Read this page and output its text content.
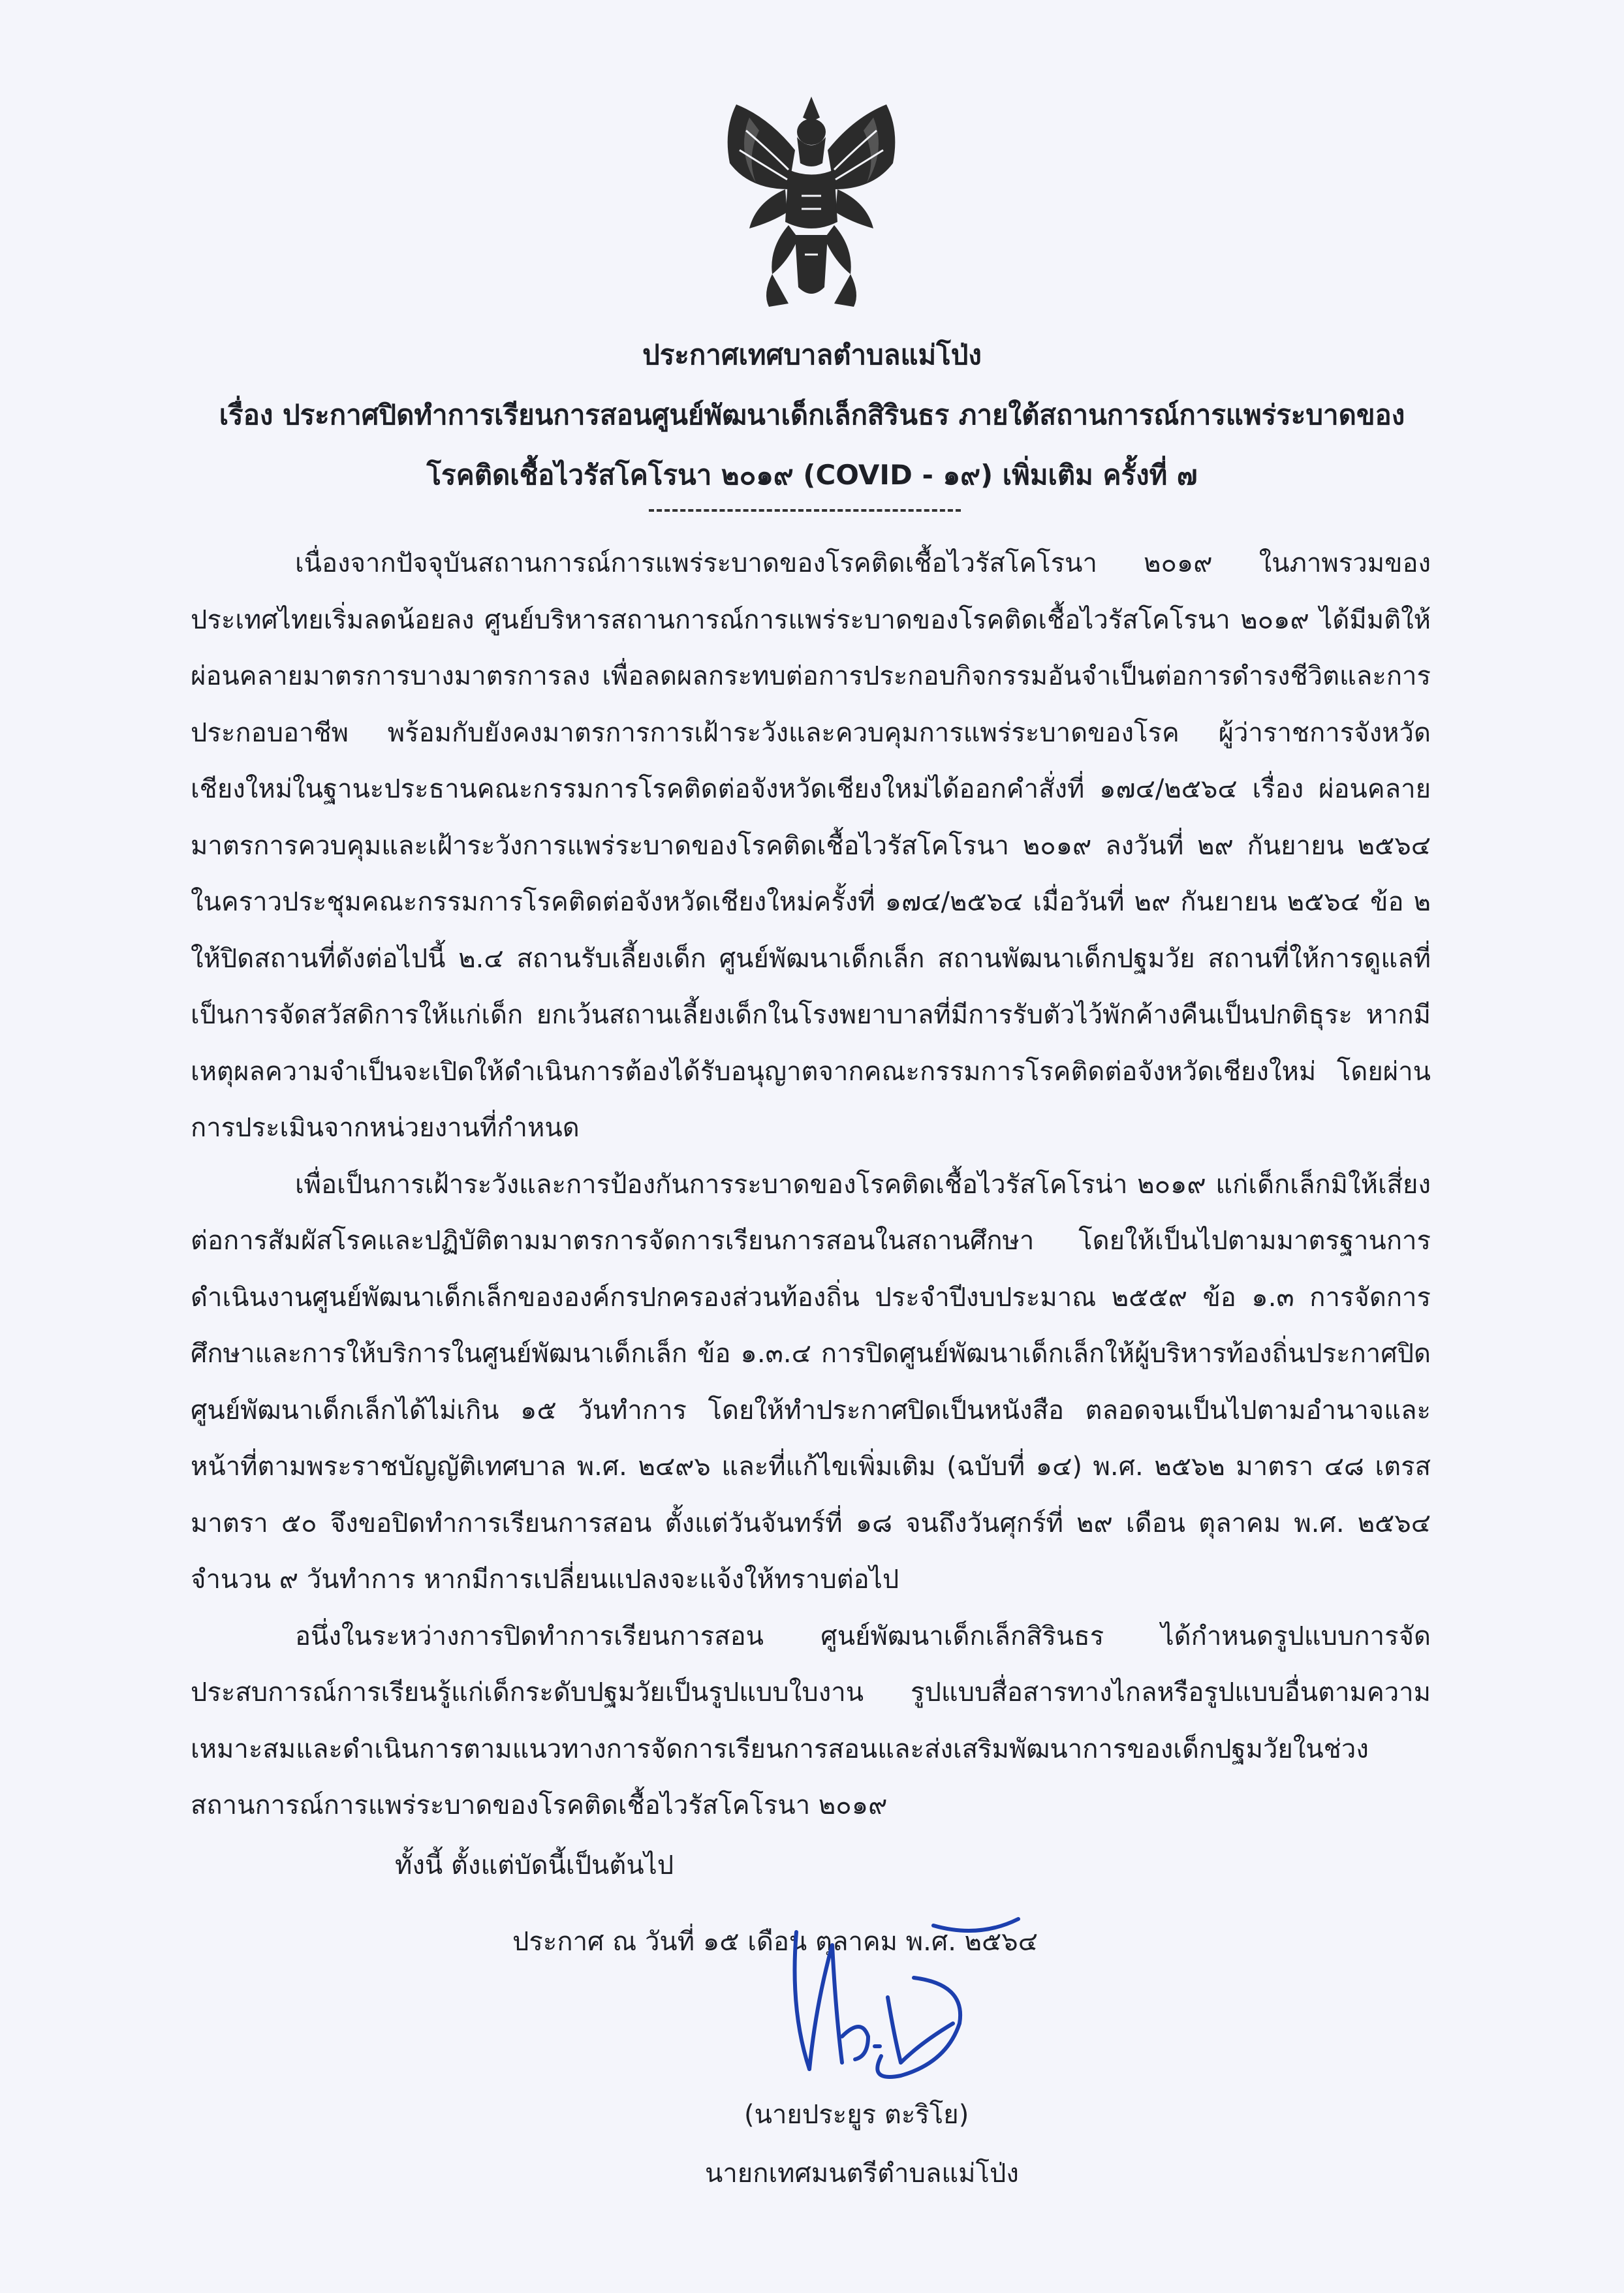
ประกาศเทศบาลตำบลแม่โป่ง
เรื่อง ประกาศปิดทำการเรียนการสอนศูนย์พัฒนาเด็กเล็กสิรินธร ภายใต้สถานการณ์การแพร่ระบาดของ
โรคติดเชื้อไวรัสโคโรนา ๒๐๑๙ (COVID - ๑๙) เพิ่มเติม ครั้งที่ ๗

เนื่องจากปัจจุบันสถานการณ์การแพร่ระบาดของโรคติดเชื้อไวรัสโคโรนา ๒๐๑๙ ในภาพรวมของประเทศไทยเริ่มลดน้อยลง ศูนย์บริหารสถานการณ์การแพร่ระบาดของโรคติดเชื้อไวรัสโคโรนา ๒๐๑๙ ได้มีมติให้ผ่อนคลายมาตรการบางมาตรการลง เพื่อลดผลกระทบต่อการประกอบกิจกรรมอันจำเป็นต่อการดำรงชีวิตและการประกอบอาชีพ พร้อมกับยังคงมาตรการการเฝ้าระวังและควบคุมการแพร่ระบาดของโรค ผู้ว่าราชการจังหวัดเชียงใหม่ในฐานะประธานคณะกรรมการโรคติดต่อจังหวัดเชียงใหม่ได้ออกคำสั่งที่ ๑๗๔/๒๕๖๔ เรื่อง ผ่อนคลายมาตรการควบคุมและเฝ้าระวังการแพร่ระบาดของโรคติดเชื้อไวรัสโคโรนา ๒๐๑๙ ลงวันที่ ๒๙ กันยายน ๒๕๖๔ ในคราวประชุมคณะกรรมการโรคติดต่อจังหวัดเชียงใหม่ครั้งที่ ๑๗๔/๒๕๖๔ เมื่อวันที่ ๒๙ กันยายน ๒๕๖๔ ข้อ ๒ ให้ปิดสถานที่ดังต่อไปนี้ ๒.๔ สถานรับเลี้ยงเด็ก ศูนย์พัฒนาเด็กเล็ก สถานพัฒนาเด็กปฐมวัย สถานที่ให้การดูแลที่เป็นการจัดสวัสดิการให้แก่เด็ก ยกเว้นสถานเลี้ยงเด็กในโรงพยาบาลที่มีการรับตัวไว้พักค้างคืนเป็นปกติธุระ หากมีเหตุผลความจำเป็นจะเปิดให้ดำเนินการต้องได้รับอนุญาตจากคณะกรรมการโรคติดต่อจังหวัดเชียงใหม่ โดยผ่านการประเมินจากหน่วยงานที่กำหนด

เพื่อเป็นการเฝ้าระวังและการป้องกันการระบาดของโรคติดเชื้อไวรัสโคโรน่า ๒๐๑๙ แก่เด็กเล็กมิให้เสี่ยงต่อการสัมผัสโรคและปฏิบัติตามมาตรการจัดการเรียนการสอนในสถานศึกษา โดยให้เป็นไปตามมาตรฐานการดำเนินงานศูนย์พัฒนาเด็กเล็กขององค์กรปกครองส่วนท้องถิ่น ประจำปีงบประมาณ ๒๕๕๙ ข้อ ๑.๓ การจัดการศึกษาและการให้บริการในศูนย์พัฒนาเด็กเล็ก ข้อ ๑.๓.๔ การปิดศูนย์พัฒนาเด็กเล็กให้ผู้บริหารท้องถิ่นประกาศปิดศูนย์พัฒนาเด็กเล็กได้ไม่เกิน ๑๕ วันทำการ โดยให้ทำประกาศปิดเป็นหนังสือ ตลอดจนเป็นไปตามอำนาจและหน้าที่ตามพระราชบัญญัติเทศบาล พ.ศ. ๒๔๙๖ และที่แก้ไขเพิ่มเติม (ฉบับที่ ๑๔) พ.ศ. ๒๕๖๒ มาตรา ๔๘ เตรส มาตรา ๕๐ จึงขอปิดทำการเรียนการสอน ตั้งแต่วันจันทร์ที่ ๑๘ จนถึงวันศุกร์ที่ ๒๙ เดือน ตุลาคม พ.ศ. ๒๕๖๔ จำนวน ๙ วันทำการ หากมีการเปลี่ยนแปลงจะแจ้งให้ทราบต่อไป

อนึ่งในระหว่างการปิดทำการเรียนการสอน ศูนย์พัฒนาเด็กเล็กสิรินธร ได้กำหนดรูปแบบการจัดประสบการณ์การเรียนรู้แก่เด็กระดับปฐมวัยเป็นรูปแบบใบงาน รูปแบบสื่อสารทางไกลหรือรูปแบบอื่นตามความเหมาะสมและดำเนินการตามแนวทางการจัดการเรียนการสอนและส่งเสริมพัฒนาการของเด็กปฐมวัยในช่วงสถานการณ์การแพร่ระบาดของโรคติดเชื้อไวรัสโคโรนา ๒๐๑๙

ทั้งนี้ ตั้งแต่บัดนี้เป็นต้นไป
ประกาศ ณ วันที่ ๑๕ เดือน ตุลาคม พ.ศ. ๒๕๖๔
(นายประยูร ตะริโย)
นายกเทศมนตรีตำบลแม่โป่ง
